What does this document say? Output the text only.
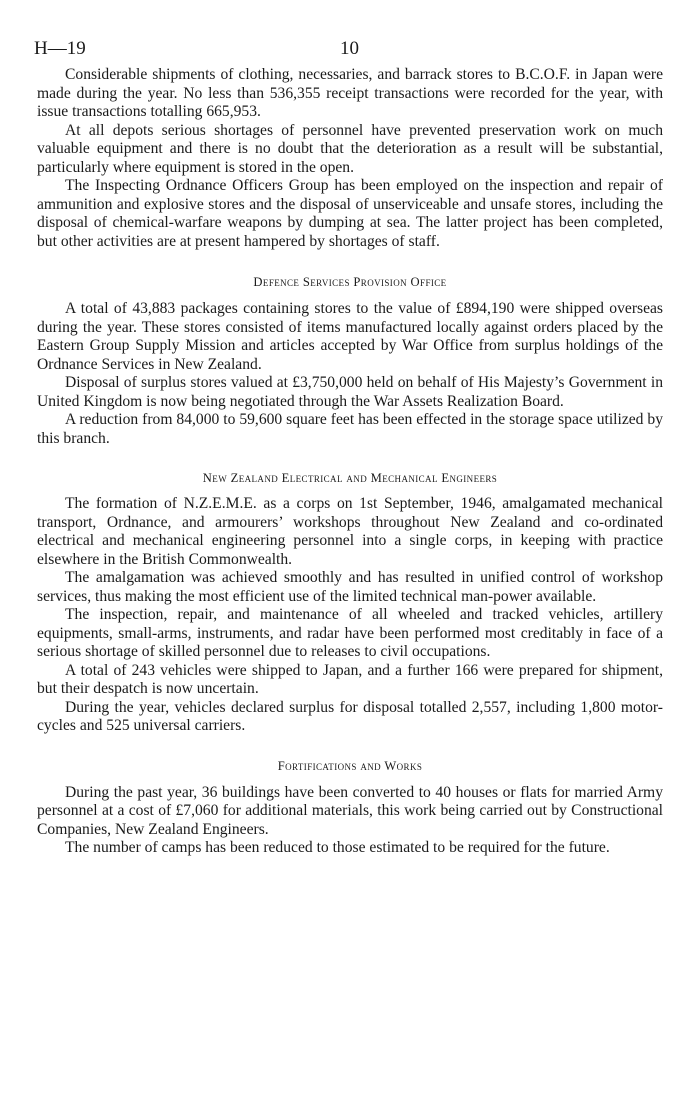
H—19	10

Considerable shipments of clothing, necessaries, and barrack stores to B.C.O.F. in Japan were made during the year. No less than 536,355 receipt transactions were recorded for the year, with issue transactions totalling 665,953.

At all depots serious shortages of personnel have prevented preservation work on much valuable equipment and there is no doubt that the deterioration as a result will be substantial, particularly where equipment is stored in the open.

The Inspecting Ordnance Officers Group has been employed on the inspection and repair of ammunition and explosive stores and the disposal of unserviceable and unsafe stores, including the disposal of chemical-warfare weapons by dumping at sea. The latter project has been completed, but other activities are at present hampered by shortages of staff.

Defence Services Provision Office

A total of 43,883 packages containing stores to the value of £894,190 were shipped overseas during the year. These stores consisted of items manufactured locally against orders placed by the Eastern Group Supply Mission and articles accepted by War Office from surplus holdings of the Ordnance Services in New Zealand.

Disposal of surplus stores valued at £3,750,000 held on behalf of His Majesty’s Government in United Kingdom is now being negotiated through the War Assets Realization Board.

A reduction from 84,000 to 59,600 square feet has been effected in the storage space utilized by this branch.

New Zealand Electrical and Mechanical Engineers

The formation of N.Z.E.M.E. as a corps on 1st September, 1946, amalgamated mechanical transport, Ordnance, and armourers’ workshops throughout New Zealand and co-ordinated electrical and mechanical engineering personnel into a single corps, in keeping with practice elsewhere in the British Commonwealth.

The amalgamation was achieved smoothly and has resulted in unified control of workshop services, thus making the most efficient use of the limited technical man-power available.

The inspection, repair, and maintenance of all wheeled and tracked vehicles, artillery equipments, small-arms, instruments, and radar have been performed most creditably in face of a serious shortage of skilled personnel due to releases to civil occupations.

A total of 243 vehicles were shipped to Japan, and a further 166 were prepared for shipment, but their despatch is now uncertain.

During the year, vehicles declared surplus for disposal totalled 2,557, including 1,800 motor-cycles and 525 universal carriers.

Fortifications and Works

During the past year, 36 buildings have been converted to 40 houses or flats for married Army personnel at a cost of £7,060 for additional materials, this work being carried out by Constructional Companies, New Zealand Engineers.

The number of camps has been reduced to those estimated to be required for the future.
